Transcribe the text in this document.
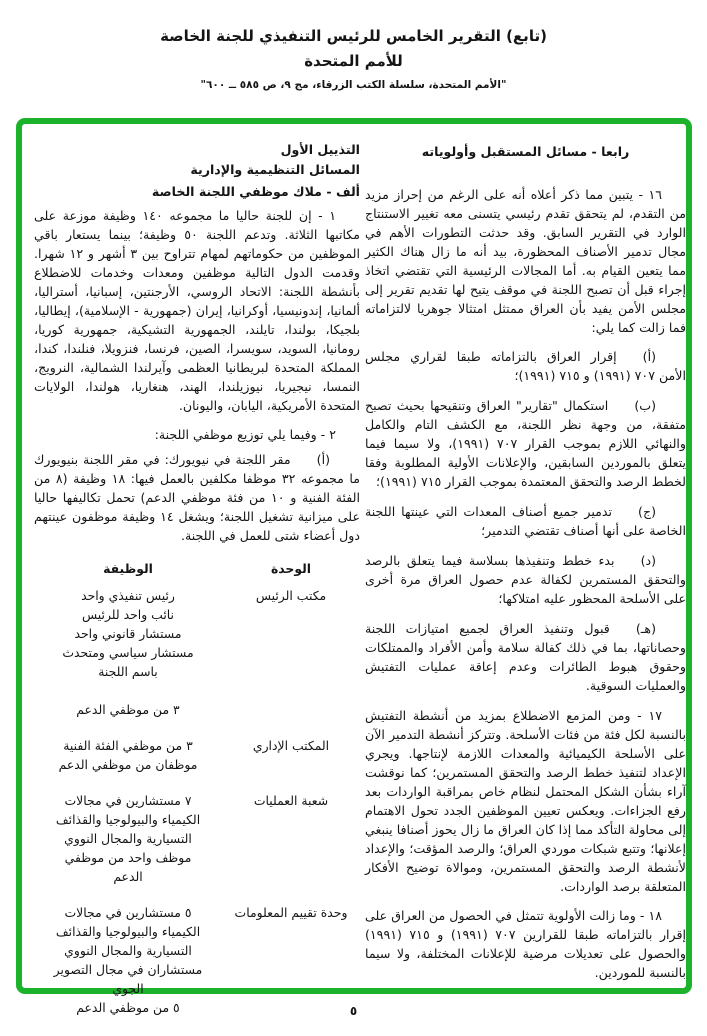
(تابع) التقرير الخامس للرئيس التنفيذي للجنة الخاصة
للأمم المتحدة
"الأمم المتحدة، سلسلة الكتب الزرقاء، مج ٩، ص ٥٨٥ ــ ٦٠٠"
رابعا - مسائل المستقبل وأولوياته

١٦ - يتبين مما ذكر أعلاه أنه على الرغم من إحراز مزيد من التقدم، لم يتحقق تقدم رئيسي يتسنى معه تغيير الاستنتاج الوارد في التقرير السابق. وقد حدثت التطورات الأهم في مجال تدمير الأصناف المحظورة، بيد أنه ما زال هناك الكثير مما يتعين القيام به. أما المجالات الرئيسية التي تقتضي اتخاذ إجراء قبل أن تصبح اللجنة في موقف يتيح لها تقديم تقرير إلى مجلس الأمن يفيد بأن العراق ممتثل امتثالا جوهريا لالتزاماته فما زالت كما يلي:

(أ)إقرار العراق بالتزاماته طبقا لقراري مجلس الأمن ٧٠٧ (١٩٩١) و ٧١٥ (١٩٩١)؛

(ب)استكمال "تقارير" العراق وتنقيحها بحيث تصبح متفقة، من وجهة نظر اللجنة، مع الكشف التام والكامل والنهائي اللازم بموجب القرار ٧٠٧ (١٩٩١)، ولا سيما فيما يتعلق بالموردين السابقين، والإعلانات الأولية المطلوبة وفقا لخطط الرصد والتحقق المعتمدة بموجب القرار ٧١٥ (١٩٩١)؛

(ج)تدمير جميع أصناف المعدات التي عينتها اللجنة الخاصة على أنها أصناف تقتضي التدمير؛

(د)بدء خطط وتنفيذها بسلاسة فيما يتعلق بالرصد والتحقق المستمرين لكفالة عدم حصول العراق مرة أخرى على الأسلحة المحظور عليه امتلاكها؛

(هـ)قبول وتنفيذ العراق لجميع امتيازات اللجنة وحصاناتها، بما في ذلك كفالة سلامة وأمن الأفراد والممتلكات وحقوق هبوط الطائرات وعدم إعاقة عمليات التفتيش والعمليات السوقية.

١٧ - ومن المزمع الاضطلاع بمزيد من أنشطة التفتيش بالنسبة لكل فئة من فئات الأسلحة. وتتركز أنشطة التدمير الآن على الأسلحة الكيميائية والمعدات اللازمة لإنتاجها. ويجري الإعداد لتنفيذ خطط الرصد والتحقق المستمرين؛ كما نوقشت آراء بشأن الشكل المحتمل لنظام خاص بمراقبة الواردات بعد رفع الجزاءات. ويعكس تعيين الموظفين الجدد تحول الاهتمام إلى محاولة التأكد مما إذا كان العراق ما زال يحوز أصنافا ينبغي إعلانها؛ وتتبع شبكات موردي العراق؛ والرصد المؤقت؛ والإعداد لأنشطة الرصد والتحقق المستمرين، وموالاة توضيح الأفكار المتعلقة برصد الواردات.

١٨ - وما زالت الأولوية تتمثل في الحصول من العراق على إقرار بالتزاماته طبقا للقرارين ٧٠٧ (١٩٩١) و ٧١٥ (١٩٩١) والحصول على تعديلات مرضية للإعلانات المختلفة، ولا سيما بالنسبة للموردين.

التذييل الأول
المسائل التنظيمية والإدارية
ألف - ملاك موظفي اللجنة الخاصة

١ - إن للجنة حاليا ما مجموعه ١٤٠ وظيفة موزعة على مكاتبها الثلاثة. وتدعم اللجنة ٥٠ وظيفة؛ بينما يستعار باقي الموظفين من حكوماتهم لمهام تتراوح بين ٣ أشهر و ١٢ شهرا. وقدمت الدول التالية موظفين ومعدات وخدمات للاضطلاع بأنشطة اللجنة: الاتحاد الروسي، الأرجنتين، إسبانيا، أستراليا، ألمانيا، إندونيسيا، أوكرانيا، إيران (جمهورية - الإسلامية)، إيطاليا، بلجيكا، بولندا، تايلند، الجمهورية التشيكية، جمهورية كوريا، رومانيا، السويد، سويسرا، الصين، فرنسا، فنزويلا، فنلندا، كندا، المملكة المتحدة لبريطانيا العظمى وآيرلندا الشمالية، النرويج، النمسا، نيجيريا، نيوزيلندا، الهند، هنغاريا، هولندا، الولايات المتحدة الأمريكية، اليابان، واليونان.

٢ - وفيما يلي توزيع موظفي اللجنة:

(أ)مقر اللجنة في نيويورك: في مقر اللجنة بنيويورك ما مجموعه ٣٢ موظفا مكلفين بالعمل فيها: ١٨ وظيفة (٨ من الفئة الفنية و ١٠ من فئة موظفي الدعم) تحمل تكاليفها حاليا على ميزانية تشغيل اللجنة؛ ويشغل ١٤ وظيفة موظفون عينتهم دول أعضاء شتى للعمل في اللجنة.

الوحدة
الوظيفة
مكتب الرئيس
رئيس تنفيذي واحد
نائب واحد للرئيس
مستشار قانوني واحد
مستشار سياسي ومتحدث
باسم اللجنة
٣ من موظفي الدعم
المكتب الإداري
٣ من موظفي الفئة الفنية
موظفان من موظفي الدعم
شعبة العمليات
٧ مستشارين في مجالات
الكيمياء والبيولوجيا والقذائف
التسيارية والمجال النووي
موظف واحد من موظفي
الدعم
وحدة تقييم المعلومات
٥ مستشارين في مجالات
الكيمياء والبيولوجيا والقذائف
التسيارية والمجال النووي
مستشاران في مجال التصوير
الجوي
٥ من موظفي الدعم	٥
